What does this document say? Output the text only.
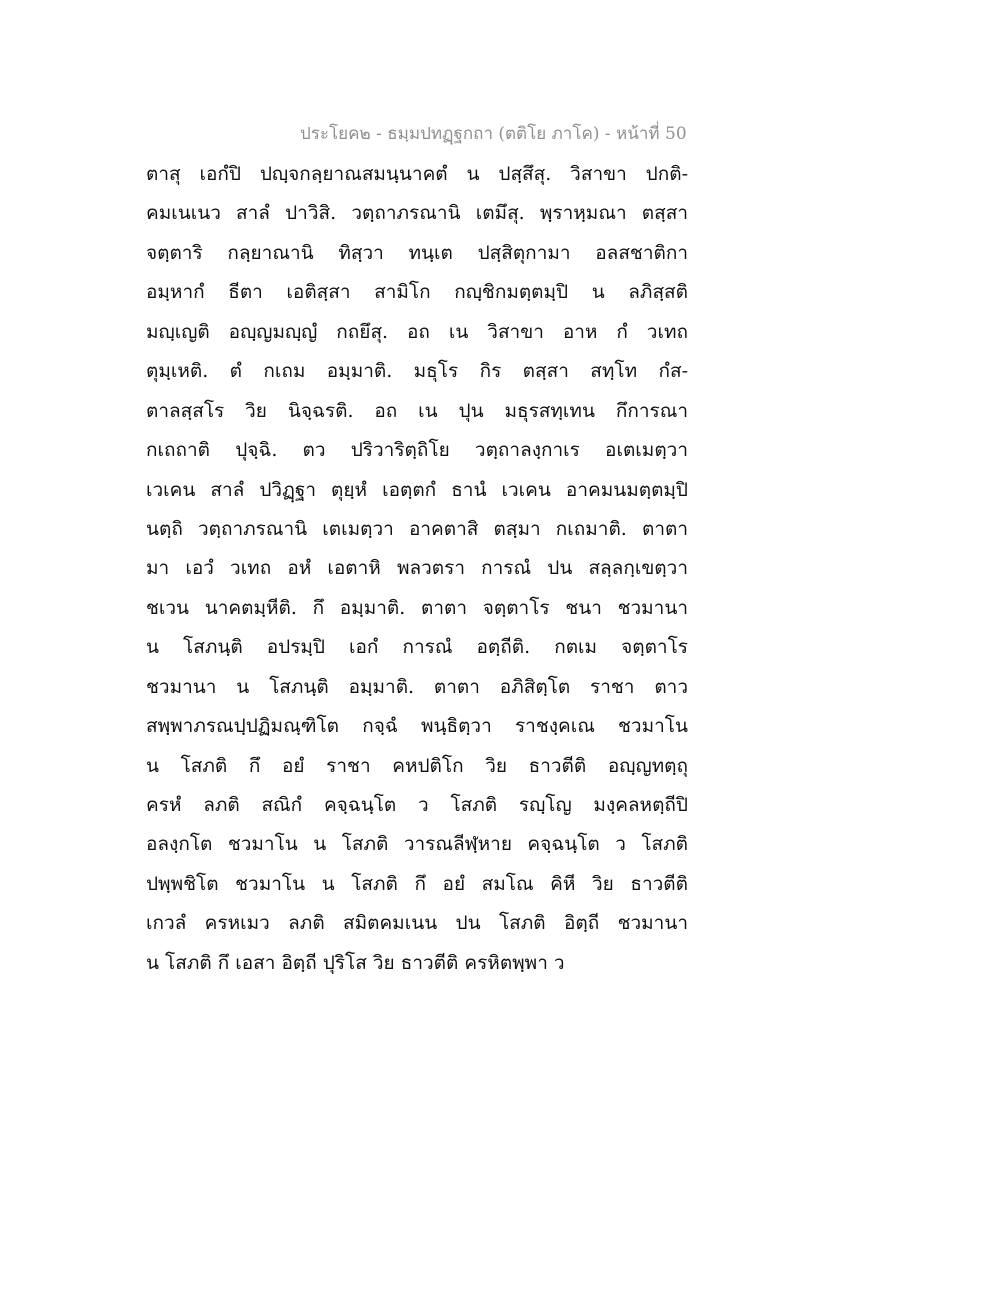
ประโยค๒ - ธมฺมปทฏฺฐกถา (ตติโย ภาโค) - หน้าที่ 50
ตาสุ เอกํปิ ปญฺจกลฺยาณสมนฺนาคตํ น ปสฺสึสุ. วิสาขา ปกติ-
คมเนเนว สาลํ ปาวิสิ. วตฺถาภรณานิ เตมึสุ. พฺราหฺมณา ตสฺสา
จตฺตาริ กลฺยาณานิ ทิสฺวา ทนฺเต ปสฺสิตุกามา อลสชาติกา
อมฺหากํ ธีตา เอติสฺสา สามิโก กญฺชิกมตฺตมฺปิ น ลภิสฺสติ
มญฺเญติ อญฺญมญฺญํ กถยึสุ. อถ เน วิสาขา อาห กํ วเทถ
ตุมฺเหติ. ตํ กเถม อมฺมาติ. มธุโร กิร ตสฺสา สทฺโท กํส-
ตาลสฺสโร วิย นิจฺฉรติ. อถ เน ปุน มธุรสทฺเทน กึการณา
กเถถาติ ปุจฺฉิ. ตว ปริวาริตฺถิโย วตฺถาลงฺกาเร อเตเมตฺวา
เวเคน สาลํ ปวิฏฺฐา ตุยฺหํ เอตฺตกํ ธานํ เวเคน อาคมนมตฺตมฺปิ
นตฺถิ วตฺถาภรณานิ เตเมตฺวา อาคตาสิ ตสฺมา กเถมาติ. ตาตา
มา เอวํ วเทถ อหํ เอตาหิ พลวตรา การณํ ปน สลฺลกฺเขตฺวา
ชเวน นาคตมฺหีติ. กึ อมฺมาติ. ตาตา จตฺตาโร ชนา ชวมานา
น โสภนฺติ อปรมฺปิ เอกํ การณํ อตฺถีติ. กตเม จตฺตาโร
ชวมานา น โสภนฺติ อมฺมาติ. ตาตา อภิสิตฺโต ราชา ตาว
สพฺพาภรณปฺปฏิมณฺฑิโต กจฺฉํ พนฺธิตฺวา ราชงฺคเณ ชวมาโน
น โสภติ กึ อยํ ราชา คหปติโก วิย ธาวตีติ อญฺญทตฺถุ
ครหํ ลภติ สณิกํ คจฺฉนฺโต ว โสภติ รญฺโญ มงฺคลหตฺถีปิ
อลงฺกโต ชวมาโน น โสภติ วารณลีฬฺหาย คจฺฉนฺโต ว โสภติ
ปพฺพชิโต ชวมาโน น โสภติ กึ อยํ สมโณ คิหี วิย ธาวตีติ
เกวลํ ครหเมว ลภติ สมิตคมเนน ปน โสภติ อิตฺถี ชวมานา
น โสภติ กึ เอสา อิตฺถี ปุริโส วิย ธาวตีติ ครหิตพฺพา ว
